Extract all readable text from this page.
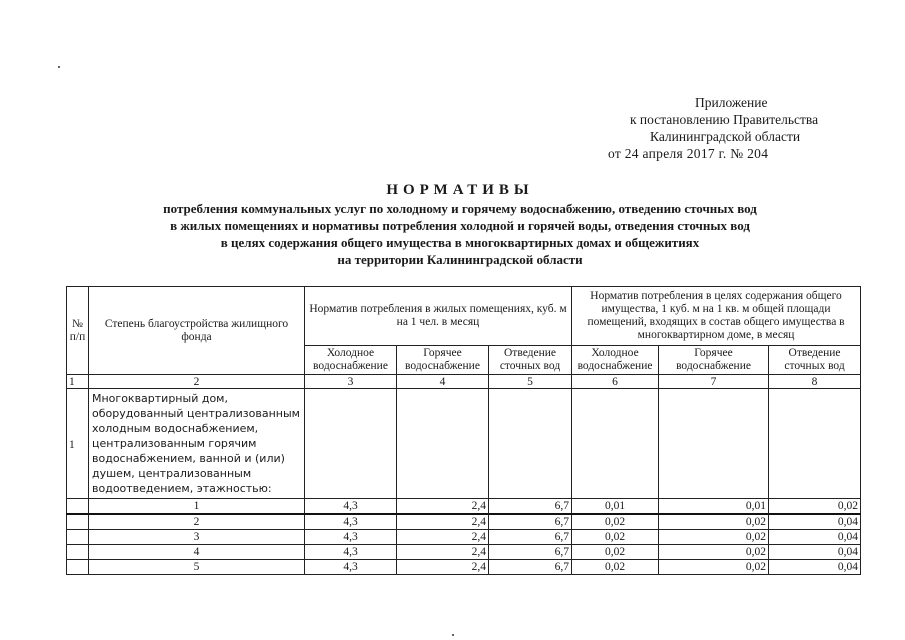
Приложение
к постановлению Правительства
Калининградской области
от 24 апреля 2017 г. № 204
НОРМАТИВЫ

потребления коммунальных услуг по холодному и горячему водоснабжению, отведению сточных вод

в жилых помещениях и нормативы потребления холодной и горячей воды, отведения сточных вод

в целях содержания общего имущества в многоквартирных домах и общежитиях

на территории Калининградской области

№ п/п	Степень благоустройства жилищного фонда	Норматив потребления в жилых помещениях, куб. м на 1 чел. в месяц			Норматив потребления в целях содержания общего имущества, 1 куб. м на 1 кв. м общей площади помещений, входящих в состав общего имущества в многоквартирном доме, в месяц		
		Холодное водоснабжение	Горячее водоснабжение	Отведение сточных вод	Холодное водоснабжение	Горячее водоснабжение	Отведение сточных вод
1	2	3	4	5	6	7	8
1	Многоквартирный дом, оборудованный централизованным холодным водоснабжением, централизованным горячим водоснабжением, ванной и (или) душем, централизованным водоотведением, этажностью:						
	1	4,3	2,4	6,7	0,01	0,01	0,02
	2	4,3	2,4	6,7	0,02	0,02	0,04
	3	4,3	2,4	6,7	0,02	0,02	0,04
	4	4,3	2,4	6,7	0,02	0,02	0,04
	5	4,3	2,4	6,7	0,02	0,02	0,04
